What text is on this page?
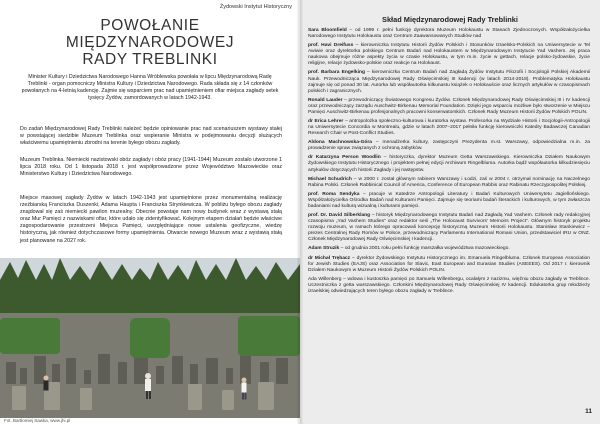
Żydowski Instytut Historyczny
POWOŁANIE
MIĘDZYNARODOWEJ
RADY TREBLINKI
Minister Kultury i Dziedzictwa Narodowego Hanna Wróblewska powołała w lipcu Międzynarodową Radę Treblinki - organ pomocniczy Ministra Kultury i Dziedzictwa Narodowego. Rada składa się z 14 członków powołanych na 4-letnią kadencję. Zajmie się wsparciem prac nad upamiętnieniem ofiar miejsca zagłady setek tysięcy Żydów, zamordowanych w latach 1942-1943.
Do zadań Międzynarodowej Rady Treblinki należeć będzie opiniowanie prac nad scenariuszem wystawy stałej w powstającej siedzibie Muzeum Treblinka oraz wspieranie Ministra w podejmowaniu decyzji służących właściwemu upamiętnieniu zbrodni na terenie byłego obozu zagłady.
Muzeum Treblinka. Niemiecki nazistowski obóz zagłady i obóz pracy (1941-1944) Muzeum zostało utworzone 1 lipca 2018 roku. Od 1 listopada 2018 r. jest współprowadzone przez Województwo Mazowieckie oraz Ministerstwo Kultury i Dziedzictwa Narodowego.
Miejsce masowej zagłady Żydów w latach 1942-1943 jest upamiętnione przez monumentalną realizację rzeźbiarską Franciszka Duszenki, Adama Haupta i Franciszka Strynkiewicza. W pobliżu byłego obozu zagłady znajdował się zaś niemiecki pawilon muzealny. Obecnie powstaje nam nowy budynek wraz z wystawą stałą oraz Mur Pamięci z nazwiskami ofiar, które udało się zidentyfikować. Kolejnym etapem działań będzie właściwe zagospodarowanie przestrzeni Miejsca Pamięci, uwzględniające nowe ustalenia geofizyczne, wiedzę historyczną, jak również dotychczasowe formy upamiętnienia. Otwarcie nowego Muzeum wraz z wystawą stałą jest planowane na 2027 rok.
Fot. Bartłomiej Sawka, www.jhi.pl
Skład Międzynarodowej Rady Treblinki
Sara Bloomfield – od 1999 r. pełni funkcję dyrektora Muzeum Holokaustu w Stanach Zjednoczonych. Współzałożycielka Narodowego Instytutu Holokaustu oraz Centrum Zaawansowanych Studiów nad
prof. Havi Dreifuss – kierowniczka Instytutu Historii Żydów Polskich i Stosunków Izraelsko-Polskich na Uniwersytecie w Tel Awiwie oraz dyrektorka polskiego Centrum Badań nad Holokaustem w Międzynarodowym Instytucie Yad Vashem. Jej praca naukowa obejmuje różne aspekty życia w czasie Holokaustu, w tym m.in. życie w gettach, relacje polsko-żydowskie, życie religijne, relacje żydowsko-polskie oraz reakcje na Holokaust.
prof. Barbara Engelking – kierowniczka Centrum Badań nad Zagładą Żydów Instytutu Filozofii i Socjologii Polskiej Akademii Nauk. Przewodnicząca Międzynarodowej Rady Oświęcimskiej III kadencji (w latach 2014-2018). Problematyka Holokaustu zajmuje się od ponad 30 lat. Autorka lub współautorka kilkunastu książek o Holokauście oraz licznych artykułów w czasopismach polskich i zagranicznych.
Ronald Lauder – przewodniczący Światowego Kongresu Żydów. Członek Międzynarodowej Rady Oświęcimskiej III i IV kadencji oraz przewodniczący zarządu Auschwitz-Birkenau Memorial Foundation. Dzięki jego wsparciu możliwe było stworzenie w Miejscu Pamięci Auschwitz-Birkenau profesjonalnych pracowni konserwatorskich. Członek Rady Muzeum Historii Żydów Polskich POLIN.
dr Erica Lehrer – antropolożka społeczno-kulturowa i kuratorka wystaw. Profesorka na Wydziale Historii i Socjologii-Antropologii na Uniwersytecie Concordia w Montrealu, gdzie w latach 2007–2017 pełniła funkcję kierowniczki Katedry Badawczej Canadian Research Chair w Post-Conflict Studies.
Aldona Machnowska-Góra – menadżerka kultury, zastępczyni Prezydenta m.st. Warszawy, odpowiedzialna m.in. za prowadzenie spraw związanych z ochroną zabytków.
dr Katarzyna Person Woodlin – historyczka, dyrektor Muzeum Getta Warszawskiego. Kierowniczka Działem Naukowym Żydowskiego Instytutu Historycznego i projektem pełnej edycji Archiwum Ringelbluma. Autorka bądź współautorka kilkudziesięciu artykułów dotyczących historii Zagłady i jej następstw.
Michael Schudrich – w 2000 r. został głównym rabinem Warszawy i Łodzi, zaś w 2004 r. otrzymał nominację na Naczelnego Rabina Polski. Członek Rabbinical Council of America, Conference of European Rabbis oraz Rabinatu Rzeczypospolitej Polskiej.
prof. Roma Sendyka – pracuje w Katedrze Antropologii Literatury i Badań Kulturowych Uniwersytetu Jagiellońskiego. Współzałożycielka Ośrodka Badań nad Kulturami Pamięci. Zajmuje się teoriami badań literackich i kulturowych, w tym zwłaszcza badaniami nad kulturą wizualną i kulturami pamięci.
prof. Dr. David Silberklang – historyk Międzynarodowego Instytutu Badań nad Zagładą Yad Vashem. Członek rady redakcyjnej czasopisma „Yad Vashem Studies” oraz redaktor serii „The Holocaust Survivors' Memoirs Project”. Głównym historyk projektu rozwoju muzeum, w ramach którego opracowali koncepcję historyczną Muzeum Historii Holokaustu. Stanisław Stankiewicz – prezes Centralnej Rady Romów w Polsce, przewodniczący Parlamentu International Romani Union, przedstawiciel IRU w ONZ. Członek Międzynarodowej Rady Oświęcimskiej I kadencji.
Adam Struzik – od grudnia 2001 roku pełni funkcję marszałka województwa mazowieckiego.
dr Michał Trębacz – dyrektor Żydowskiego Instytutu Historycznego im. Emanuela Ringelbluma. Członek European Association for Jewish Studies (EAJS) oraz Association for Slavic, East European and Eurasian Studies (ASEEES). Od 2017 r. kierownik Działem Naukowym w Muzeum Historii Żydów Polskich POLIN.
Ada Willenberg – wdowa i kustoszka pamięci po Samuelu Willenbergu, ocalałym z nazizmu, więźniu obozu zagłady w Treblince. Uczestniczka z getta warszawskiego. Członkini Międzynarodowej Rady Oświęcimskiej IV kadencji. Edukatorka grup młodzieży izraelskiej odwiedzających teren byłego obozu zagłady w Treblince.
11
